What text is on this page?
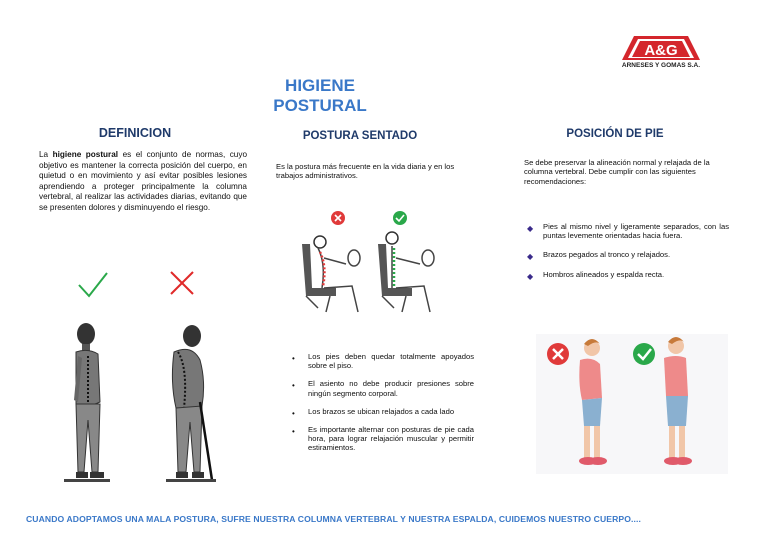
A&G
ARNESES Y GOMAS S.A.
HIGIENE
POSTURAL
DEFINICION
La higiene postural es el conjunto de normas, cuyo objetivo es mantener la correcta posición del cuerpo, en quietud o en movimiento y así evitar posibles lesiones aprendiendo a proteger principalmente la columna vertebral, al realizar las actividades diarias, evitando que se presenten dolores y disminuyendo el riesgo.
POSTURA SENTADO
Es la postura más frecuente en la vida diaria y en los trabajos administrativos.
• Los pies deben quedar totalmente apoyados sobre el piso.
• El asiento no debe producir presiones sobre ningún segmento corporal.
• Los brazos se ubican relajados a cada lado
• Es importante alternar con posturas de pie cada hora, para lograr relajación muscular y permitir estiramientos.
POSICIÓN DE PIE
Se debe preservar la alineación normal y relajada de la columna vertebral. Debe cumplir con las siguientes recomendaciones:
◆ Pies al mismo nivel y ligeramente separados, con las puntas levemente orientadas hacia fuera.
◆ Brazos pegados al tronco y relajados.
◆ Hombros alineados y espalda recta.
CUANDO ADOPTAMOS UNA MALA POSTURA, SUFRE NUESTRA COLUMNA VERTEBRAL Y NUESTRA ESPALDA, CUIDEMOS NUESTRO CUERPO....
